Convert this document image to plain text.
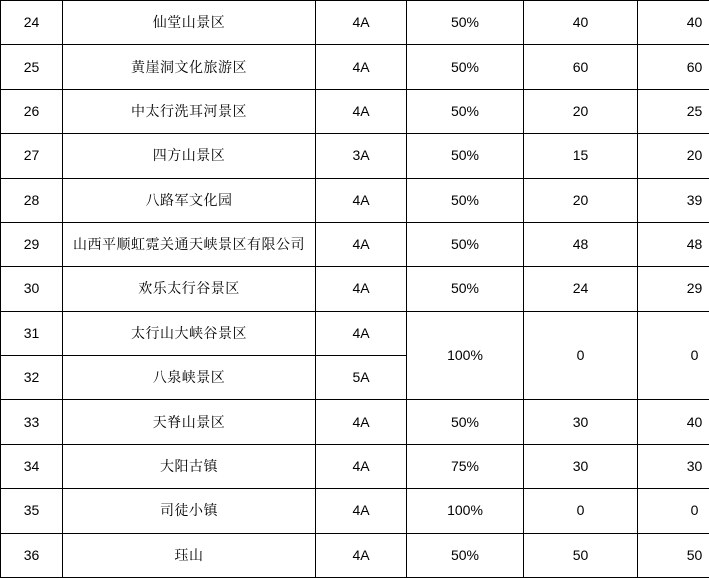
24	仙堂山景区	4A	50%	40	40
25	黄崖洞文化旅游区	4A	50%	60	60
26	中太行洗耳河景区	4A	50%	20	25
27	四方山景区	3A	50%	15	20
28	八路军文化园	4A	50%	20	39
29	山西平顺虹霓关通天峡景区有限公司	4A	50%	48	48
30	欢乐太行谷景区	4A	50%	24	29
31	太行山大峡谷景区	4A	100%	0	0
32	八泉峡景区	5A			
33	天脊山景区	4A	50%	30	40
34	大阳古镇	4A	75%	30	30
35	司徒小镇	4A	100%	0	0
36	珏山	4A	50%	50	50
